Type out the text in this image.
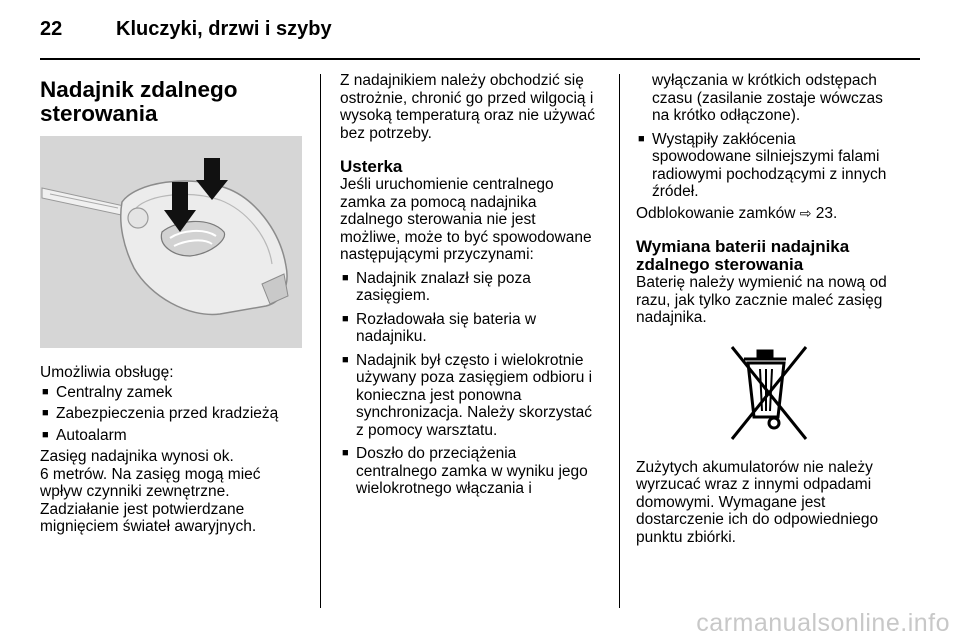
22	Kluczyki, drzwi i szyby
Nadajnik zdalnego
sterowania

Umożliwia obsługę:

■ Centralny zamek
■ Zabezpieczenia przed kradzieżą
■ Autoalarm

Zasięg nadajnika wynosi ok.
6 metrów. Na zasięg mogą mieć
wpływ czynniki zewnętrzne.
Zadziałanie jest potwierdzane
mignięciem świateł awaryjnych.

Z nadajnikiem należy obchodzić się
ostrożnie, chronić go przed wilgocią i
wysoką temperaturą oraz nie używać
bez potrzeby.

Usterka

Jeśli uruchomienie centralnego
zamka za pomocą nadajnika
zdalnego sterowania nie jest
możliwe, może to być spowodowane
następującymi przyczynami:

■ Nadajnik znalazł się poza
zasięgiem.
■ Rozładowała się bateria w
nadajniku.
■ Nadajnik był często i wielokrotnie
używany poza zasięgiem odbioru i
konieczna jest ponowna
synchronizacja. Należy skorzystać
z pomocy warsztatu.
■ Doszło do przeciążenia
centralnego zamka w wyniku jego
wielokrotnego włączania i

wyłączania w krótkich odstępach
czasu (zasilanie zostaje wówczas
na krótko odłączone).

■ Wystąpiły zakłócenia
spowodowane silniejszymi falami
radiowymi pochodzącymi z innych
źródeł.

Odblokowanie zamków ⇨ 23.

Wymiana baterii nadajnika
zdalnego sterowania

Baterię należy wymienić na nową od
razu, jak tylko zacznie maleć zasięg
nadajnika.

Zużytych akumulatorów nie należy
wyrzucać wraz z innymi odpadami
domowymi. Wymagane jest
dostarczenie ich do odpowiedniego
punktu zbiórki.

carmanualsonline.info
